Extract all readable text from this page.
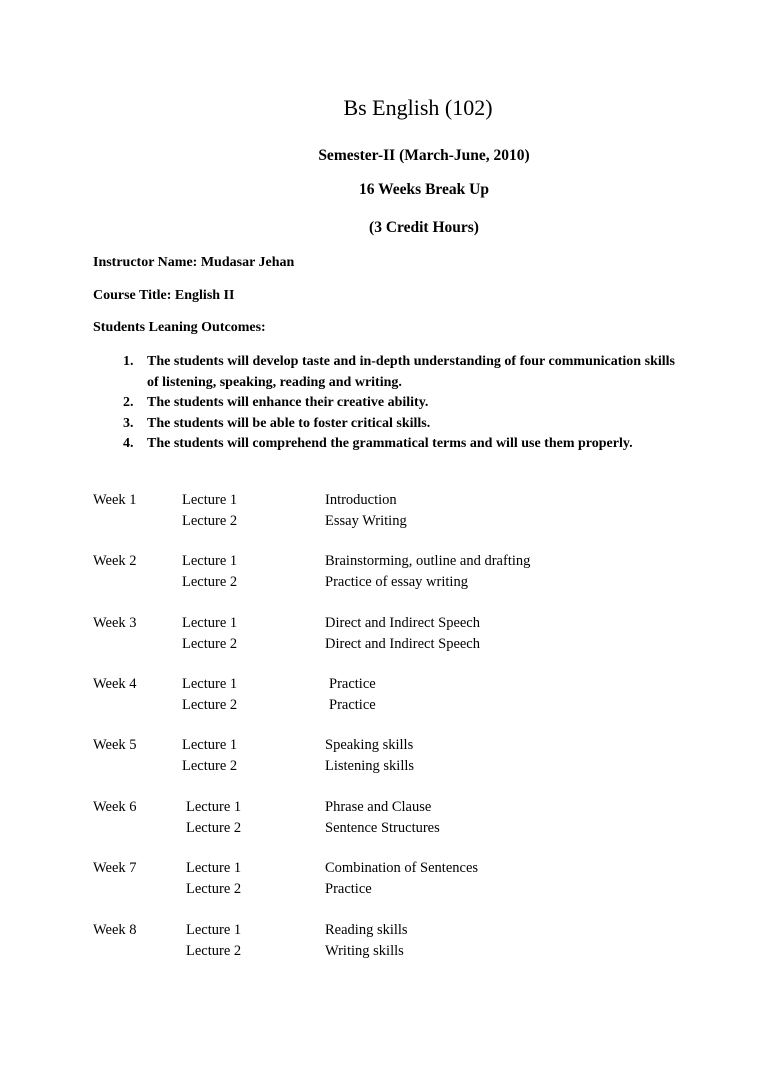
Bs English (102)
Semester-II (March-June, 2010)
16 Weeks Break Up
(3 Credit Hours)
Instructor Name: Mudasar Jehan
Course Title: English II
Students Leaning Outcomes:
1. The students will develop taste and in-depth understanding of four communication skills of listening, speaking, reading and writing.
2. The students will enhance their creative ability.
3. The students will be able to foster critical skills.
4. The students will comprehend the grammatical terms and will use them properly.
Week 1	Lecture 1	Introduction
Lecture 2	Essay Writing
Week 2	Lecture 1	Brainstorming, outline and drafting
Lecture 2	Practice of essay writing
Week 3	Lecture 1	Direct and Indirect Speech
Lecture 2	Direct and Indirect Speech
Week 4	Lecture 1	Practice
Lecture 2	Practice
Week 5	Lecture 1	Speaking skills
Lecture 2	Listening skills
Week 6	Lecture 1	Phrase and Clause
Lecture 2	Sentence Structures
Week 7	Lecture 1	Combination of Sentences
Lecture 2	Practice
Week 8	Lecture 1	Reading skills
Lecture 2	Writing skills
